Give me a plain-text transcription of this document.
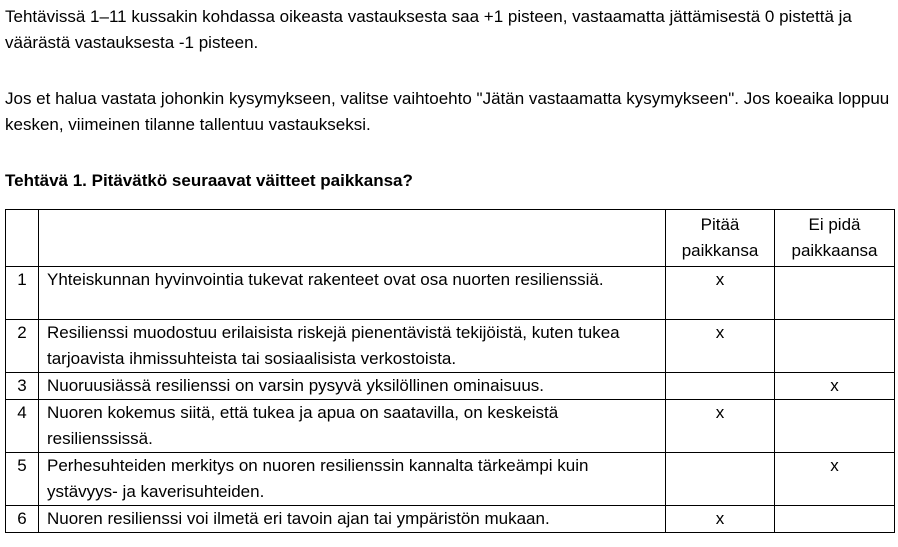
Tehtävissä 1–11 kussakin kohdassa oikeasta vastauksesta saa +1 pisteen, vastaamatta jättämisestä 0 pistettä ja väärästä vastauksesta -1 pisteen.

Jos et halua vastata johonkin kysymykseen, valitse vaihtoehto "Jätän vastaamatta kysymykseen". Jos koeaika loppuu kesken, viimeinen tilanne tallentuu vastaukseksi.

Tehtävä 1. Pitävätkö seuraavat väitteet paikkansa?
		Pitää paikkansa	Ei pidä paikkaansa
1	Yhteiskunnan hyvinvointia tukevat rakenteet ovat osa nuorten resilienssiä.	x	
2	Resilienssi muodostuu erilaisista riskejä pienentävistä tekijöistä, kuten tukea tarjoavista ihmissuhteista tai sosiaalisista verkostoista.	x	
3	Nuoruusiässä resilienssi on varsin pysyvä yksilöllinen ominaisuus.		x
4	Nuoren kokemus siitä, että tukea ja apua on saatavilla, on keskeistä resilienssissä.	x	
5	Perhesuhteiden merkitys on nuoren resilienssin kannalta tärkeämpi kuin ystävyys- ja kaverisuhteiden.		x
6	Nuoren resilienssi voi ilmetä eri tavoin ajan tai ympäristön mukaan.	x	
